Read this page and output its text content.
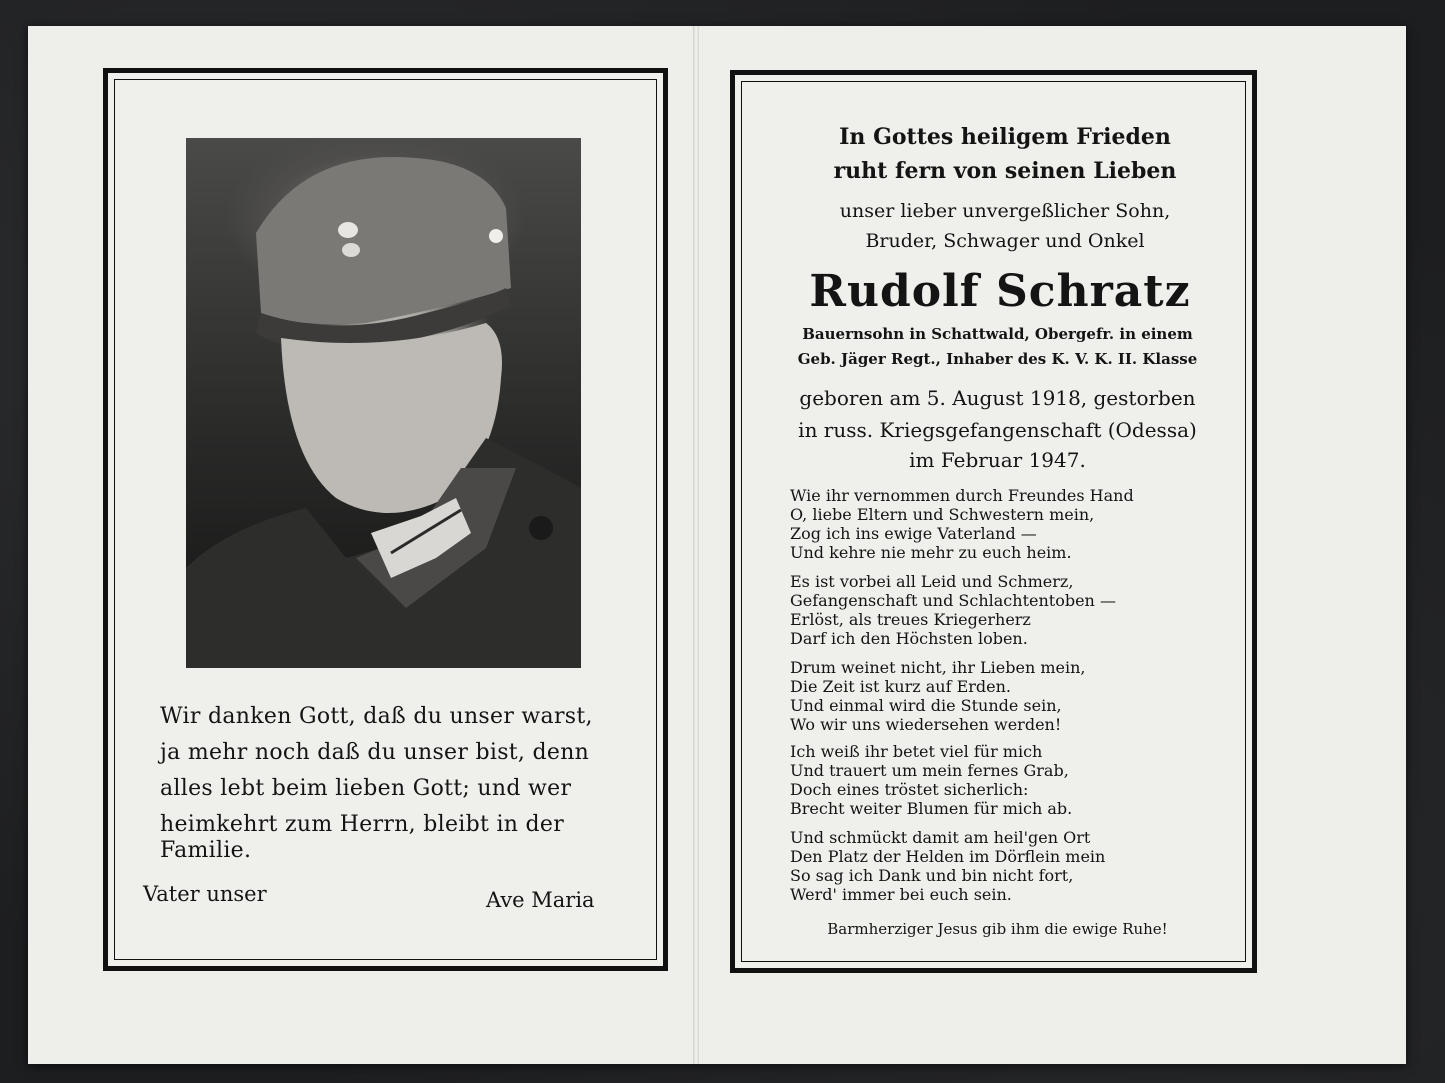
Wir danken Gott, daß du unser warst,
ja mehr noch daß du unser bist, denn
alles lebt beim lieben Gott; und wer
heimkehrt zum Herrn, bleibt in der
Familie.
Vater unser	Ave Maria
In Gottes heiligem Frieden
ruht fern von seinen Lieben
unser lieber unvergeßlicher Sohn,
Bruder, Schwager und Onkel
Rudolf Schratz
Bauernsohn in Schattwald, Obergefr. in einem
Geb. Jäger Regt., Inhaber des K. V. K. II. Klasse
geboren am 5. August 1918, gestorben
in russ. Kriegsgefangenschaft (Odessa)
im Februar 1947.
Wie ihr vernommen durch Freundes Hand
O, liebe Eltern und Schwestern mein,
Zog ich ins ewige Vaterland —
Und kehre nie mehr zu euch heim.
Es ist vorbei all Leid und Schmerz,
Gefangenschaft und Schlachtentoben —
Erlöst, als treues Kriegerherz
Darf ich den Höchsten loben.
Drum weinet nicht, ihr Lieben mein,
Die Zeit ist kurz auf Erden.
Und einmal wird die Stunde sein,
Wo wir uns wiedersehen werden!
Ich weiß ihr betet viel für mich
Und trauert um mein fernes Grab,
Doch eines tröstet sicherlich:
Brecht weiter Blumen für mich ab.
Und schmückt damit am heil'gen Ort
Den Platz der Helden im Dörflein mein
So sag ich Dank und bin nicht fort,
Werd' immer bei euch sein.
Barmherziger Jesus gib ihm die ewige Ruhe!
